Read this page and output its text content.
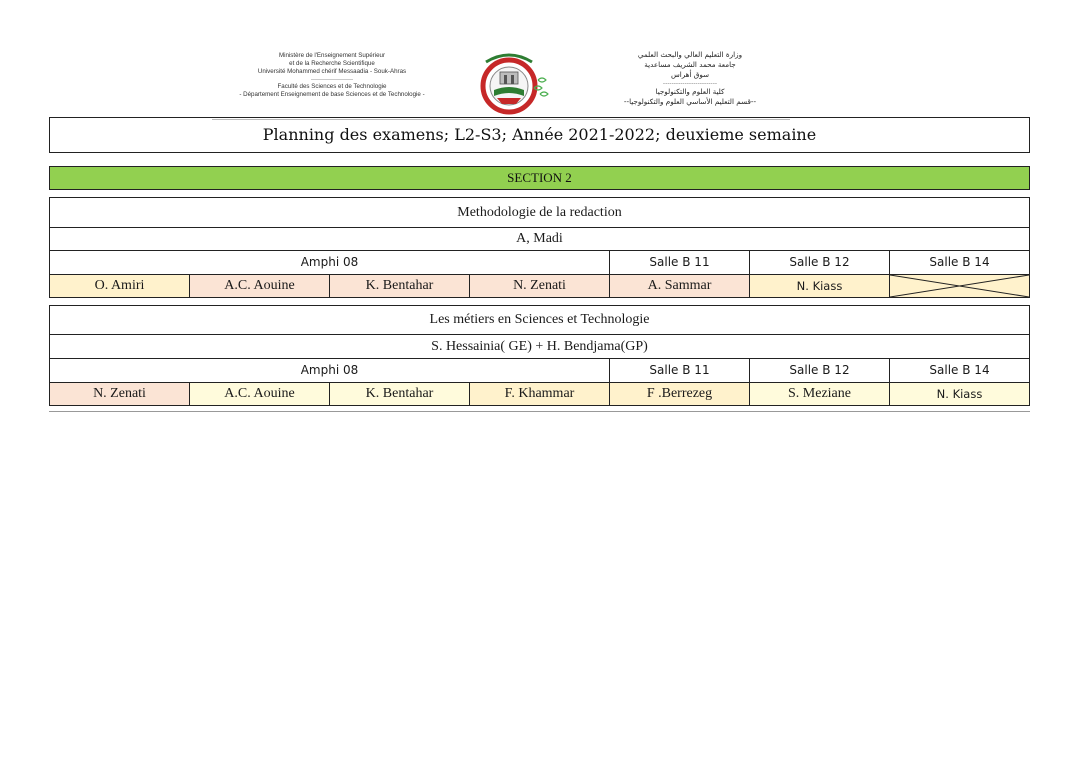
Ministère de l'Enseignement Supérieur
et de la Recherche Scientifique
Université Mohammed chérif Messaadia - Souk-Ahras
---------------------
Faculté des Sciences et de Technologie
- Département Enseignement de base Sciences et de Technologie -
وزارة التعليم العالي والبحث العلمي
جامعة محمد الشريف مساعدية
سوق أهراس
-------------------------
كلية العلوم والتكنولوجيا
--قسم التعليم الأساسي العلوم والتكنولوجيا--
Planning des examens; L2-S3; Année 2021-2022; deuxieme semaine
SECTION 2
Methodologie de la redaction
A, Madi
Amphi 08	Salle B 11	Salle B 12	Salle B 14
O. Amiri	A.C. Aouine	K. Bentahar	N. Zenati	A. Sammar	N. Kiass
Les métiers en Sciences et Technologie
S. Hessainia( GE) + H. Bendjama(GP)
Amphi 08	Salle B 11	Salle B 12	Salle B 14
N. Zenati	A.C. Aouine	K. Bentahar	F. Khammar	F .Berrezeg	S. Meziane	N. Kiass
